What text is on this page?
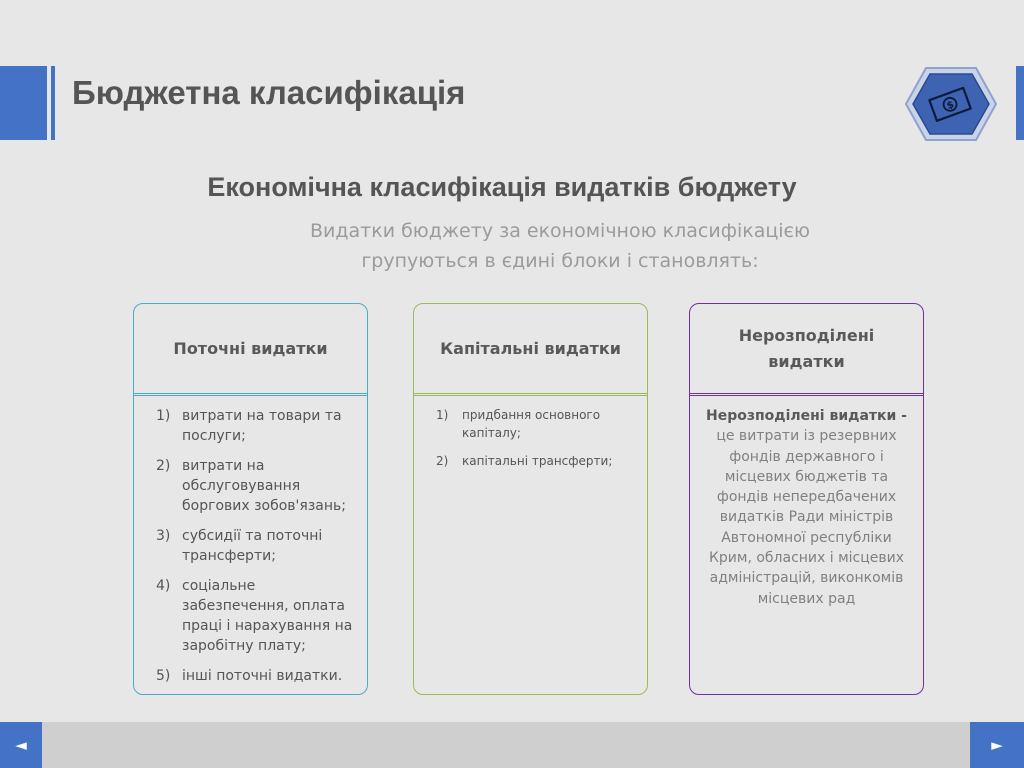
Бюджетна класифікація	$
Економічна класифікація видатків бюджету

Видатки бюджету за економічною класифікацією групуються в єдині блоки і становлять:

Поточні видатки
1) витрати на товари та послуги;
2) витрати на обслуговування боргових зобов'язань;
3) субсидії та поточні трансферти;
4) соціальне забезпечення, оплата праці і нарахування на заробітну плату;
5) інші поточні видатки.
Капітальні видатки
1) придбання основного капіталу;
2) капітальні трансферти;
Нерозподілені видатки
Нерозподілені видатки - це витрати із резервних фондів державного і місцевих бюджетів та фондів непередбачених видатків Ради міністрів Автономної республіки Крим, обласних і місцевих адміністрацій, виконкомів місцевих рад
◄	►
